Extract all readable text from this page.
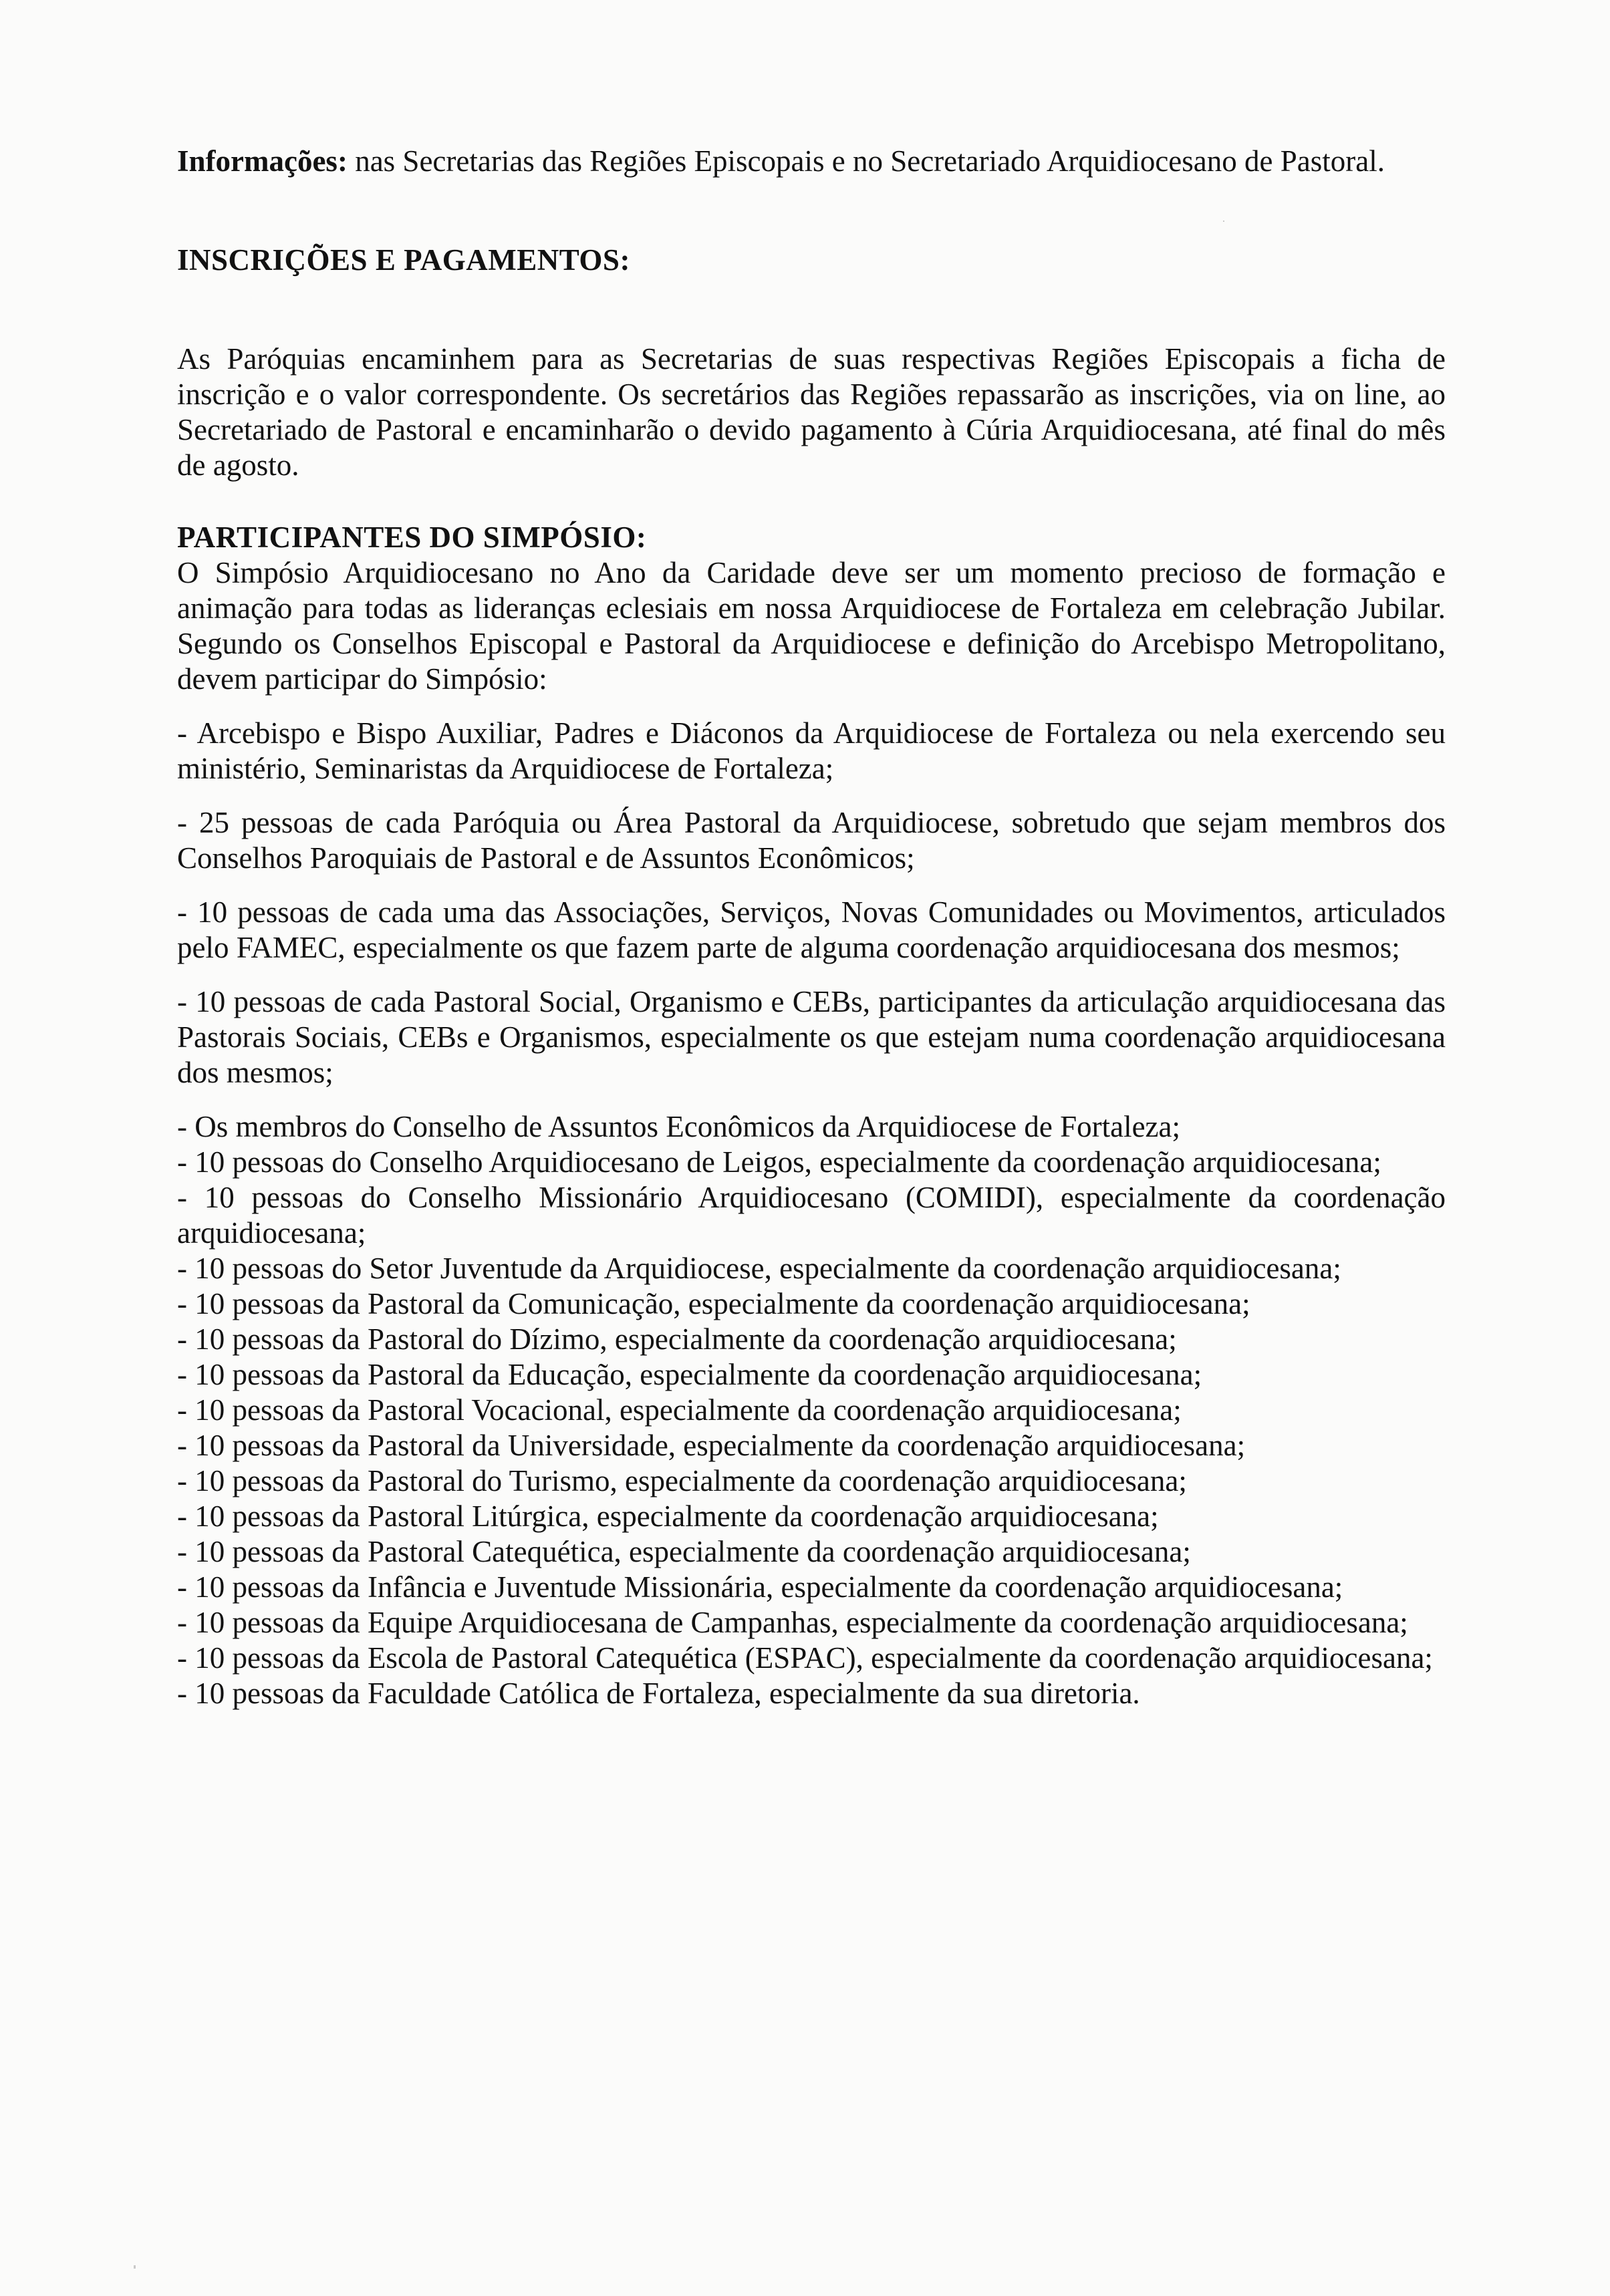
Informações: nas Secretarias das Regiões Episcopais e no Secretariado Arquidiocesano de Pastoral.

INSCRIÇÕES E PAGAMENTOS:

As Paróquias encaminhem para as Secretarias de suas respectivas Regiões Episcopais a ficha de inscrição e o valor correspondente. Os secretários das Regiões repassarão as inscrições, via on line, ao Secretariado de Pastoral e encaminharão o devido pagamento à Cúria Arquidiocesana, até final do mês de agosto.

PARTICIPANTES DO SIMPÓSIO:

O Simpósio Arquidiocesano no Ano da Caridade deve ser um momento precioso de formação e animação para todas as lideranças eclesiais em nossa Arquidiocese de Fortaleza em celebração Jubilar. Segundo os Conselhos Episcopal e Pastoral da Arquidiocese e definição do Arcebispo Metropolitano, devem participar do Simpósio:

- Arcebispo e Bispo Auxiliar, Padres e Diáconos da Arquidiocese de Fortaleza ou nela exercendo seu ministério, Seminaristas da Arquidiocese de Fortaleza;

- 25 pessoas de cada Paróquia ou Área Pastoral da Arquidiocese, sobretudo que sejam membros dos Conselhos Paroquiais de Pastoral e de Assuntos Econômicos;

- 10 pessoas de cada uma das Associações, Serviços, Novas Comunidades ou Movimentos, articulados pelo FAMEC, especialmente os que fazem parte de alguma coordenação arquidiocesana dos mesmos;

- 10 pessoas de cada Pastoral Social, Organismo e CEBs, participantes da articulação arquidiocesana das Pastorais Sociais, CEBs e Organismos, especialmente os que estejam numa coordenação arquidiocesana dos mesmos;

- Os membros do Conselho de Assuntos Econômicos da Arquidiocese de Fortaleza;

- 10 pessoas do Conselho Arquidiocesano de Leigos, especialmente da coordenação arquidiocesana;

- 10 pessoas do Conselho Missionário Arquidiocesano (COMIDI), especialmente da coordenação arquidiocesana;

- 10 pessoas do Setor Juventude da Arquidiocese, especialmente da coordenação arquidiocesana;

- 10 pessoas da Pastoral da Comunicação, especialmente da coordenação arquidiocesana;

- 10 pessoas da Pastoral do Dízimo, especialmente da coordenação arquidiocesana;

- 10 pessoas da Pastoral da Educação, especialmente da coordenação arquidiocesana;

- 10 pessoas da Pastoral Vocacional, especialmente da coordenação arquidiocesana;

- 10 pessoas da Pastoral da Universidade, especialmente da coordenação arquidiocesana;

- 10 pessoas da Pastoral do Turismo, especialmente da coordenação arquidiocesana;

- 10 pessoas da Pastoral Litúrgica, especialmente da coordenação arquidiocesana;

- 10 pessoas da Pastoral Catequética, especialmente da coordenação arquidiocesana;

- 10 pessoas da Infância e Juventude Missionária, especialmente da coordenação arquidiocesana;

- 10 pessoas da Equipe Arquidiocesana de Campanhas, especialmente da coordenação arquidiocesana;

- 10 pessoas da Escola de Pastoral Catequética (ESPAC), especialmente da coordenação arquidiocesana;

- 10 pessoas da Faculdade Católica de Fortaleza, especialmente da sua diretoria.
